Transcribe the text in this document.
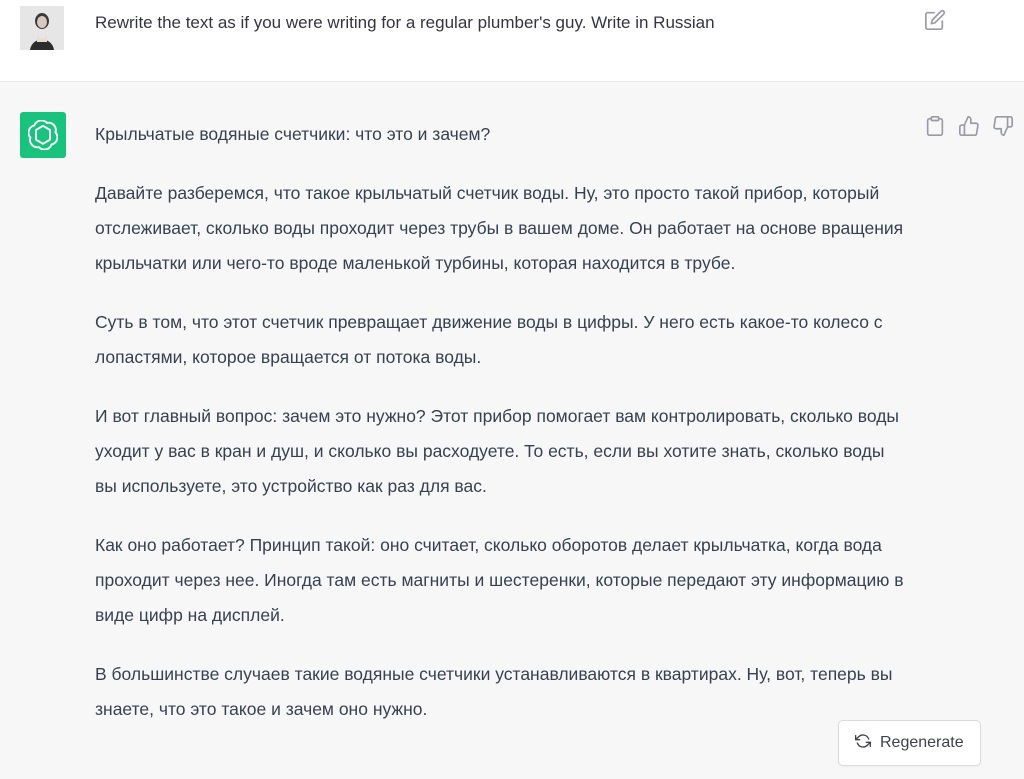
Rewrite the text as if you were writing for a regular plumber's guy. Write in Russian

Крыльчатые водяные счетчики: что это и зачем?

Давайте разберемся, что такое крыльчатый счетчик воды. Ну, это просто такой прибор, который отслеживает, сколько воды проходит через трубы в вашем доме. Он работает на основе вращения крыльчатки или чего-то вроде маленькой турбины, которая находится в трубе.

Суть в том, что этот счетчик превращает движение воды в цифры. У него есть какое-то колесо с лопастями, которое вращается от потока воды.

И вот главный вопрос: зачем это нужно? Этот прибор помогает вам контролировать, сколько воды уходит у вас в кран и душ, и сколько вы расходуете. То есть, если вы хотите знать, сколько воды вы используете, это устройство как раз для вас.

Как оно работает? Принцип такой: оно считает, сколько оборотов делает крыльчатка, когда вода проходит через нее. Иногда там есть магниты и шестеренки, которые передают эту информацию в виде цифр на дисплей.

В большинстве случаев такие водяные счетчики устанавливаются в квартирах. Ну, вот, теперь вы знаете, что это такое и зачем оно нужно.

Regenerate
